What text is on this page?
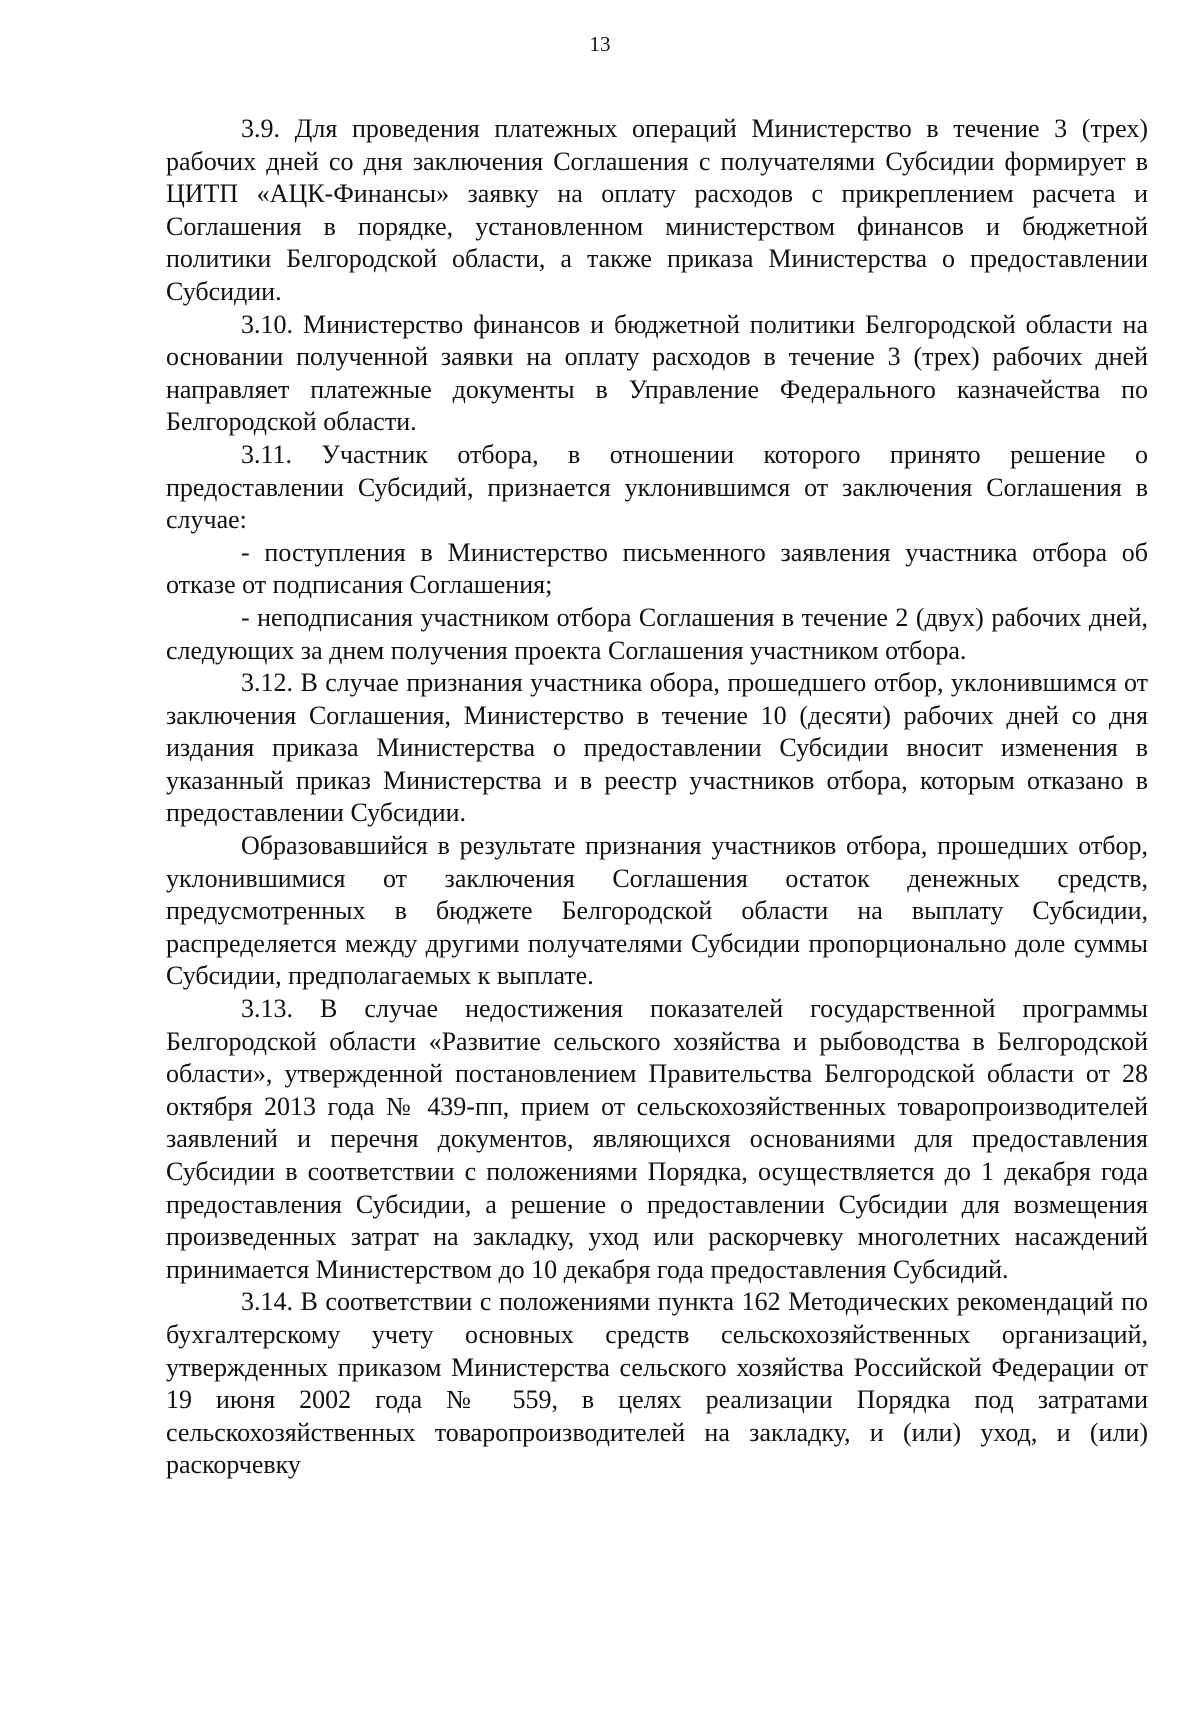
13

3.9. Для проведения платежных операций Министерство в течение 3 (трех) рабочих дней со дня заключения Соглашения с получателями Субсидии формирует в ЦИТП «АЦК-Финансы» заявку на оплату расходов с прикреплением расчета и Соглашения в порядке, установленном министерством финансов и бюджетной политики Белгородской области, а также приказа Министерства о предоставлении Субсидии.

3.10. Министерство финансов и бюджетной политики Белгородской области на основании полученной заявки на оплату расходов в течение 3 (трех) рабочих дней направляет платежные документы в Управление Федерального казначейства по Белгородской области.

3.11. Участник отбора, в отношении которого принято решение о предоставлении Субсидий, признается уклонившимся от заключения Соглашения в случае:

- поступления в Министерство письменного заявления участника отбора об отказе от подписания Соглашения;

- неподписания участником отбора Соглашения в течение 2 (двух) рабочих дней, следующих за днем получения проекта Соглашения участником отбора.

3.12. В случае признания участника обора, прошедшего отбор, уклонившимся от заключения Соглашения, Министерство в течение 10 (десяти) рабочих дней со дня издания приказа Министерства о предоставлении Субсидии вносит изменения в указанный приказ Министерства и в реестр участников отбора, которым отказано в предоставлении Субсидии.

Образовавшийся в результате признания участников отбора, прошедших отбор, уклонившимися от заключения Соглашения остаток денежных средств, предусмотренных в бюджете Белгородской области на выплату Субсидии, распределяется между другими получателями Субсидии пропорционально доле суммы Субсидии, предполагаемых к выплате.

3.13. В случае недостижения показателей государственной программы Белгородской области «Развитие сельского хозяйства и рыбоводства в Белгородской области», утвержденной постановлением Правительства Белгородской области от 28 октября 2013 года № 439-пп, прием от сельскохозяйственных товаропроизводителей заявлений и перечня документов, являющихся основаниями для предоставления Субсидии в соответствии с положениями Порядка, осуществляется до 1 декабря года предоставления Субсидии, а решение о предоставлении Субсидии для возмещения произведенных затрат на закладку, уход или раскорчевку многолетних насаждений принимается Министерством до 10 декабря года предоставления Субсидий.

3.14. В соответствии с положениями пункта 162 Методических рекомендаций по бухгалтерскому учету основных средств сельскохозяйственных организаций, утвержденных приказом Министерства сельского хозяйства Российской Федерации от 19 июня 2002 года № 559, в целях реализации Порядка под затратами сельскохозяйственных товаропроизводителей на закладку, и (или) уход, и (или) раскорчевку
